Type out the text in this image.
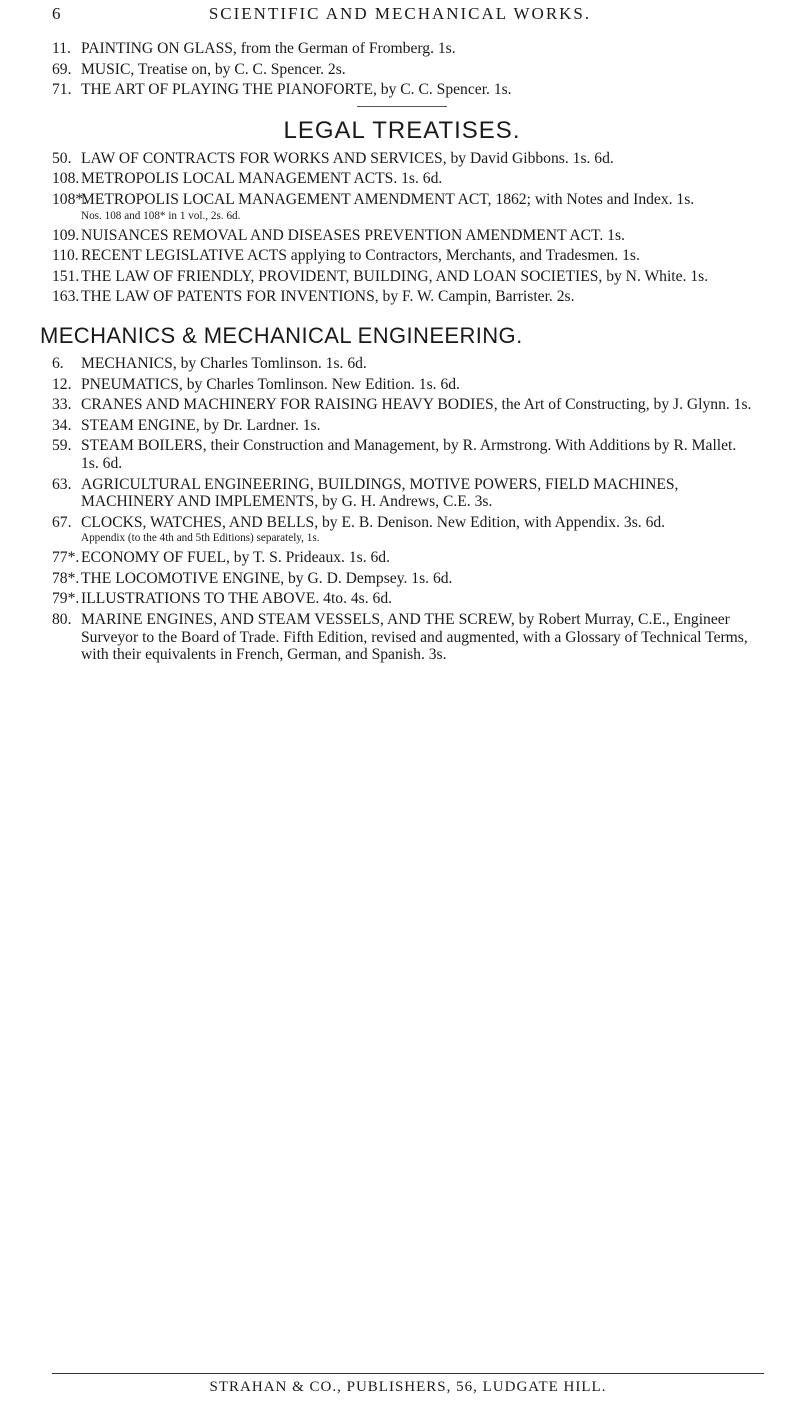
6	SCIENTIFIC AND MECHANICAL WORKS.

11. PAINTING ON GLASS, from the German of Fromberg. 1s.

69. MUSIC, Treatise on, by C. C. Spencer. 2s.

71. THE ART OF PLAYING THE PIANOFORTE, by C. C. Spencer. 1s.

LEGAL TREATISES.

50. LAW OF CONTRACTS FOR WORKS AND SERVICES, by David Gibbons. 1s. 6d.

108. METROPOLIS LOCAL MANAGEMENT ACTS. 1s. 6d.

108*.METROPOLIS LOCAL MANAGEMENT AMENDMENT ACT, 1862; with Notes and Index. 1s.
Nos. 108 and 108* in 1 vol., 2s. 6d.

109. NUISANCES REMOVAL AND DISEASES PREVENTION AMENDMENT ACT. 1s.

110. RECENT LEGISLATIVE ACTS applying to Contractors, Merchants, and Tradesmen. 1s.

151. THE LAW OF FRIENDLY, PROVIDENT, BUILDING, AND LOAN SOCIETIES, by N. White. 1s.

163. THE LAW OF PATENTS FOR INVENTIONS, by F. W. Campin, Barrister. 2s.

MECHANICS & MECHANICAL ENGINEERING.

6. MECHANICS, by Charles Tomlinson. 1s. 6d.

12. PNEUMATICS, by Charles Tomlinson. New Edition. 1s. 6d.

33. CRANES AND MACHINERY FOR RAISING HEAVY BODIES, the Art of Constructing, by J. Glynn. 1s.

34. STEAM ENGINE, by Dr. Lardner. 1s.

59. STEAM BOILERS, their Construction and Management, by R. Armstrong. With Additions by R. Mallet. 1s. 6d.

63. AGRICULTURAL ENGINEERING, BUILDINGS, MOTIVE POWERS, FIELD MACHINES, MACHINERY AND IMPLEMENTS, by G. H. Andrews, C.E. 3s.

67. CLOCKS, WATCHES, AND BELLS, by E. B. Denison. New Edition, with Appendix. 3s. 6d.
Appendix (to the 4th and 5th Editions) separately, 1s.

77*. ECONOMY OF FUEL, by T. S. Prideaux. 1s. 6d.

78*. THE LOCOMOTIVE ENGINE, by G. D. Dempsey. 1s. 6d.

79*. ILLUSTRATIONS TO THE ABOVE. 4to. 4s. 6d.

80. MARINE ENGINES, AND STEAM VESSELS, AND THE SCREW, by Robert Murray, C.E., Engineer Surveyor to the Board of Trade. Fifth Edition, revised and augmented, with a Glossary of Technical Terms, with their equivalents in French, German, and Spanish. 3s.

STRAHAN & CO., PUBLISHERS, 56, LUDGATE HILL.
